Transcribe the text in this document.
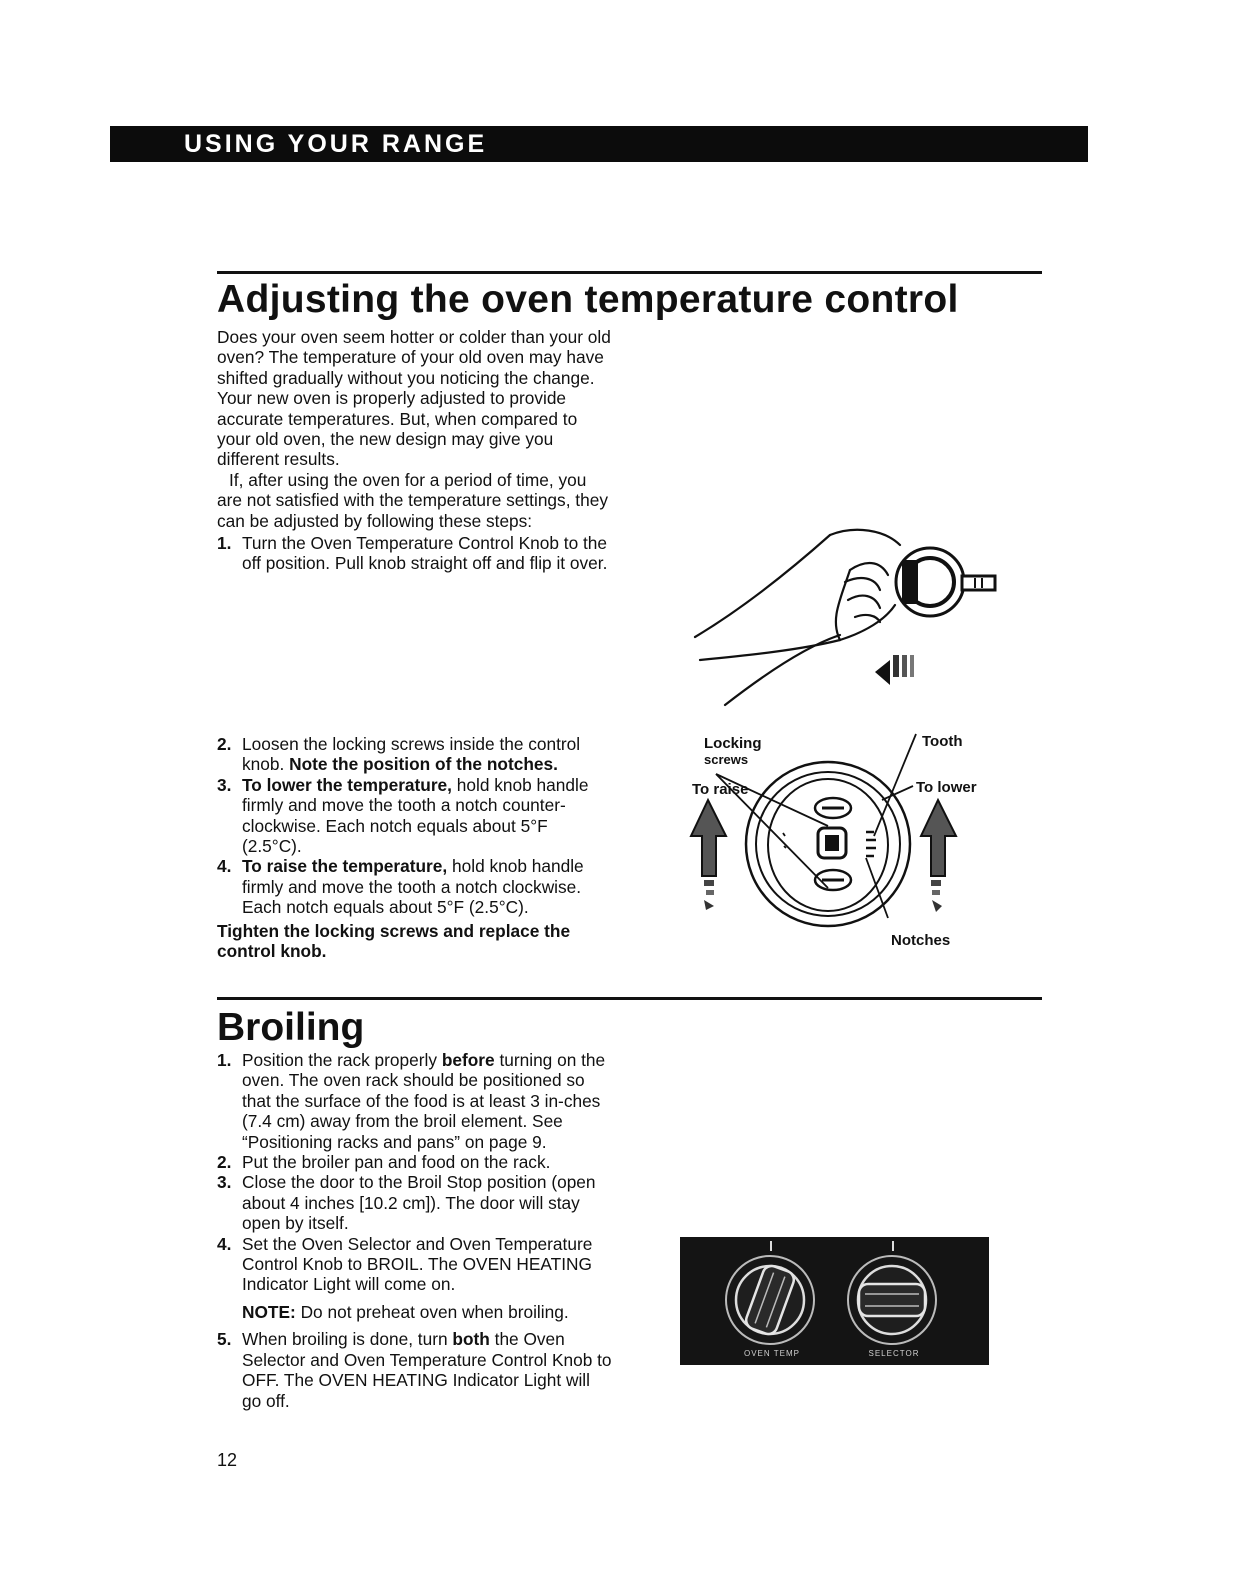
USING YOUR RANGE
Adjusting the oven temperature control

Does your oven seem hotter or colder than your old oven? The temperature of your old oven may have shifted gradually without you noticing the change. Your new oven is properly adjusted to provide accurate temperatures. But, when compared to your old oven, the new design may give you different results.

If, after using the oven for a period of time, you are not satisfied with the temperature settings, they can be adjusted by following these steps:

1. Turn the Oven Temperature Control Knob to the off position. Pull knob straight off and flip it over.
2. Loosen the locking screws inside the control knob. Note the position of the notches.
3. To lower the temperature, hold knob handle firmly and move the tooth a notch counter-clockwise. Each notch equals about 5°F (2.5°C).
4. To raise the temperature, hold knob handle firmly and move the tooth a notch clockwise. Each notch equals about 5°F (2.5°C).

Tighten the locking screws and replace the control knob.

Locking
screws
To raise
Tooth
To lower
Notches
Broiling
1. Position the rack properly before turning on the oven. The oven rack should be positioned so that the surface of the food is at least 3 in-ches (7.4 cm) away from the broil element. See “Positioning racks and pans” on page 9.
2. Put the broiler pan and food on the rack.
3. Close the door to the Broil Stop position (open about 4 inches [10.2 cm]). The door will stay open by itself.
4. Set the Oven Selector and Oven Temperature Control Knob to BROIL. The OVEN HEATING Indicator Light will come on.
NOTE: Do not preheat oven when broiling.
5. When broiling is done, turn both the Oven Selector and Oven Temperature Control Knob to OFF. The OVEN HEATING Indicator Light will go off.
OVEN TEMP	SELECTOR
12
